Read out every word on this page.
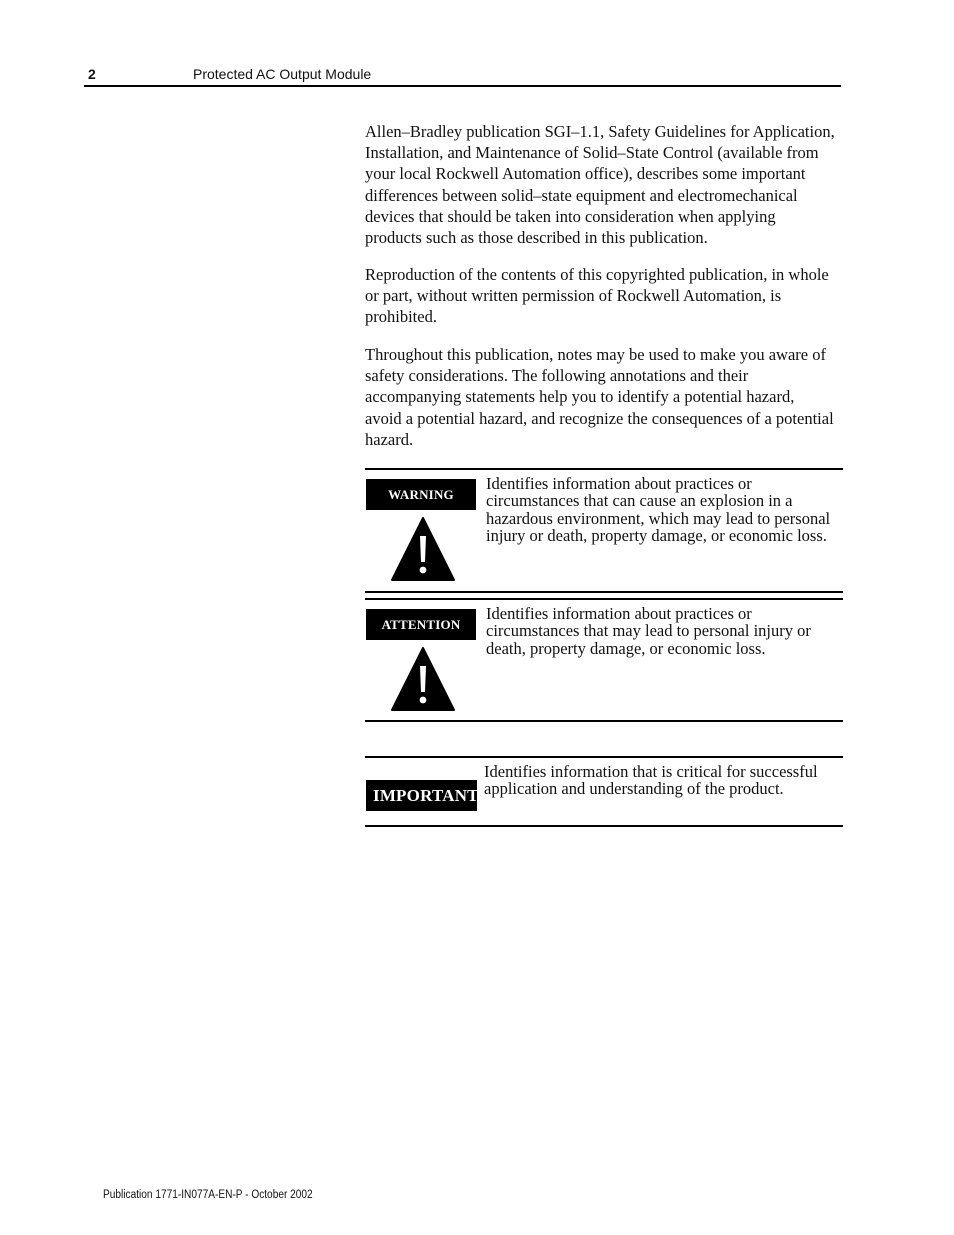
2	Protected AC Output Module

Allen–Bradley publication SGI–1.1, Safety Guidelines for Application, Installation, and Maintenance of Solid–State Control (available from your local Rockwell Automation office), describes some important differences between solid–state equipment and electromechanical devices that should be taken into consideration when applying products such as those described in this publication.

Reproduction of the contents of this copyrighted publication, in whole or part, without written permission of Rockwell Automation, is prohibited.

Throughout this publication, notes may be used to make you aware of safety considerations. The following annotations and their accompanying statements help you to identify a potential hazard, avoid a potential hazard, and recognize the consequences of a potential hazard.

WARNING

Identifies information about practices or circumstances that can cause an explosion in a hazardous environment, which may lead to personal injury or death, property damage, or economic loss.

ATTENTION

Identifies information about practices or circumstances that may lead to personal injury or death, property damage, or economic loss.

IMPORTANT

Identifies information that is critical for successful application and understanding of the product.

Publication 1771-IN077A-EN-P - October 2002
